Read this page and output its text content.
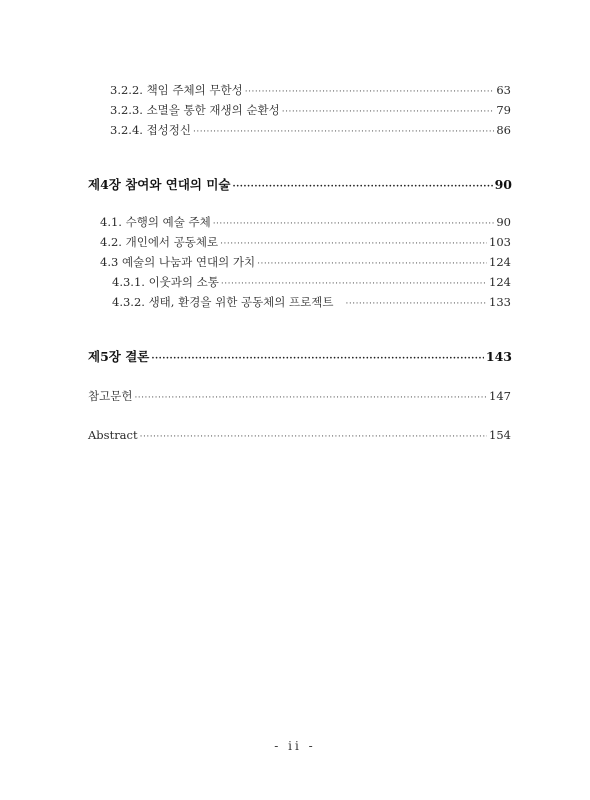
3.2.2. 책임 주체의 무한성 ·····	63
3.2.3. 소멸을 통한 재생의 순환성 ·····	79
3.2.4. 접성정신 ·····	86
제4장 참여와 연대의 미술 ·····	90
4.1. 수행의 예술 주체 ·····	90
4.2. 개인에서 공동체로 ·····	103
4.3 예술의 나눔과 연대의 가치 ·····	124
4.3.1. 이웃과의 소통 ·····	124
4.3.2. 생태, 환경을 위한 공동체의 프로젝트 ·····	133
제5장 결론 ·····	143
참고문헌 ·····	147
Abstract ·····	154
- ii -
